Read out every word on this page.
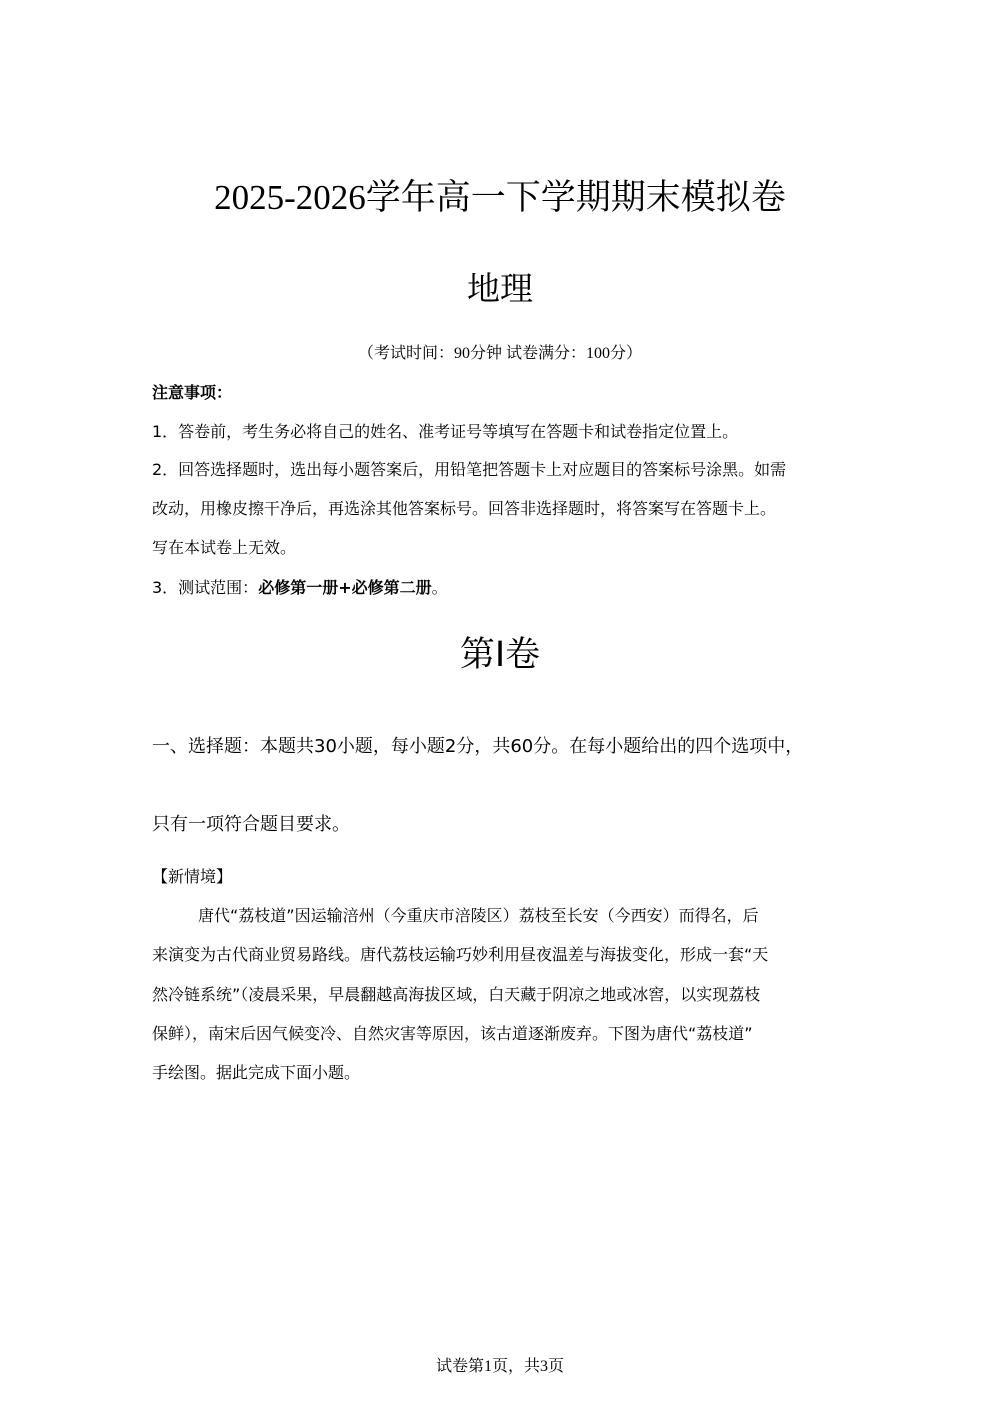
2025-2026学年高一下学期期末模拟卷
地理
（考试时间：90分钟 试卷满分：100分）
注意事项：
1．答卷前，考生务必将自己的姓名、准考证号等填写在答题卡和试卷指定位置上。
2．回答选择题时，选出每小题答案后，用铅笔把答题卡上对应题目的答案标号涂黑。如需
改动，用橡皮擦干净后，再选涂其他答案标号。回答非选择题时，将答案写在答题卡上。
写在本试卷上无效。
3．测试范围：必修第一册+必修第二册。
第Ⅰ卷
一、选择题：本题共30小题，每小题2分，共60分。在每小题给出的四个选项中，
只有一项符合题目要求。
【新情境】
唐代“荔枝道”因运输涪州（今重庆市涪陵区）荔枝至长安（今西安）而得名，后
来演变为古代商业贸易路线。唐代荔枝运输巧妙利用昼夜温差与海拔变化，形成一套“天
然冷链系统”（凌晨采果，早晨翻越高海拔区域，白天藏于阴凉之地或冰窖，以实现荔枝
保鲜），南宋后因气候变冷、自然灾害等原因，该古道逐渐废弃。下图为唐代“荔枝道”
手绘图。据此完成下面小题。
试卷第1页，共3页
